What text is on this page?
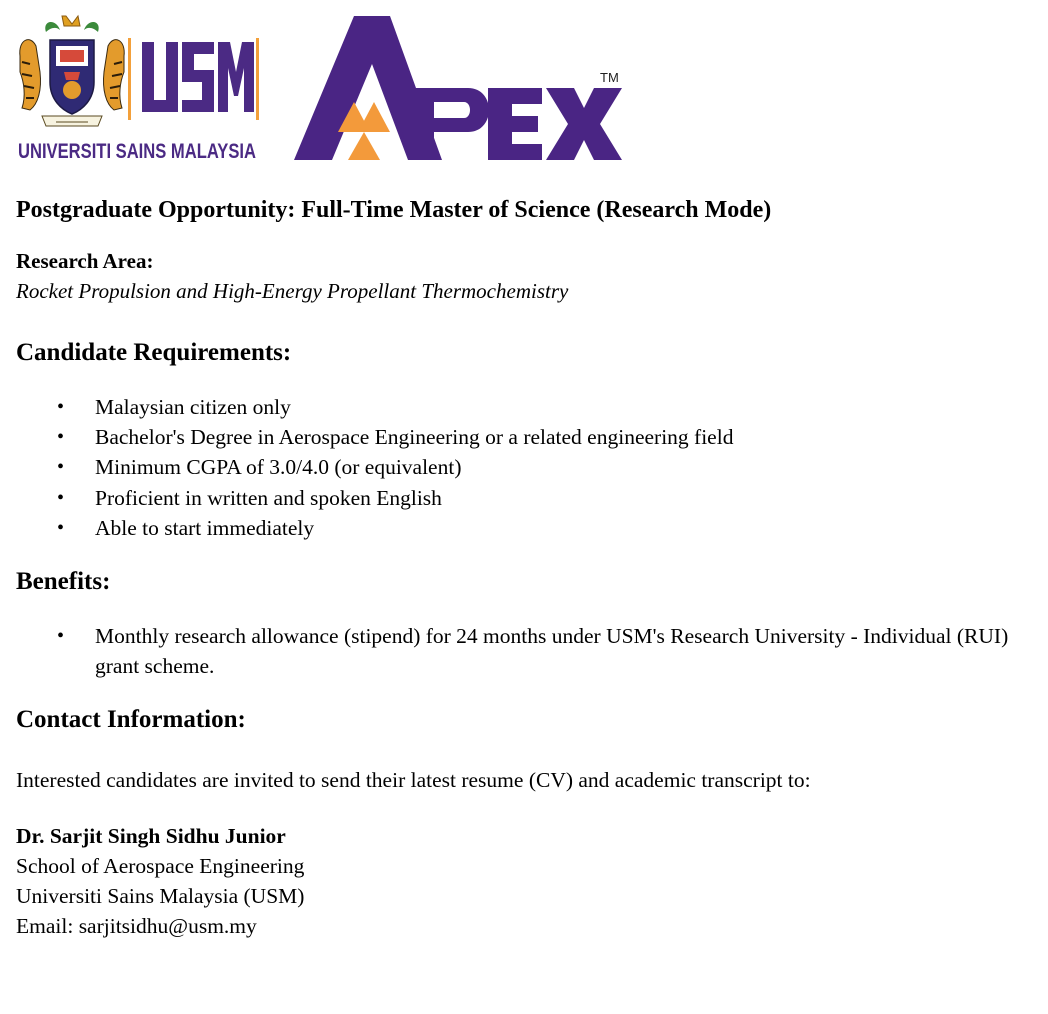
UNIVERSITI SAINS MALAYSIA
TM

Postgraduate Opportunity: Full-Time Master of Science (Research Mode)

Research Area:

Rocket Propulsion and High-Energy Propellant Thermochemistry

Candidate Requirements:

• Malaysian citizen only
• Bachelor's Degree in Aerospace Engineering or a related engineering field
• Minimum CGPA of 3.0/4.0 (or equivalent)
• Proficient in written and spoken English
• Able to start immediately

Benefits:

• Monthly research allowance (stipend) for 24 months under USM's Research University - Individual (RUI) grant scheme.

Contact Information:

Interested candidates are invited to send their latest resume (CV) and academic transcript to:

Dr. Sarjit Singh Sidhu Junior

School of Aerospace Engineering

Universiti Sains Malaysia (USM)

Email: sarjitsidhu@usm.my
